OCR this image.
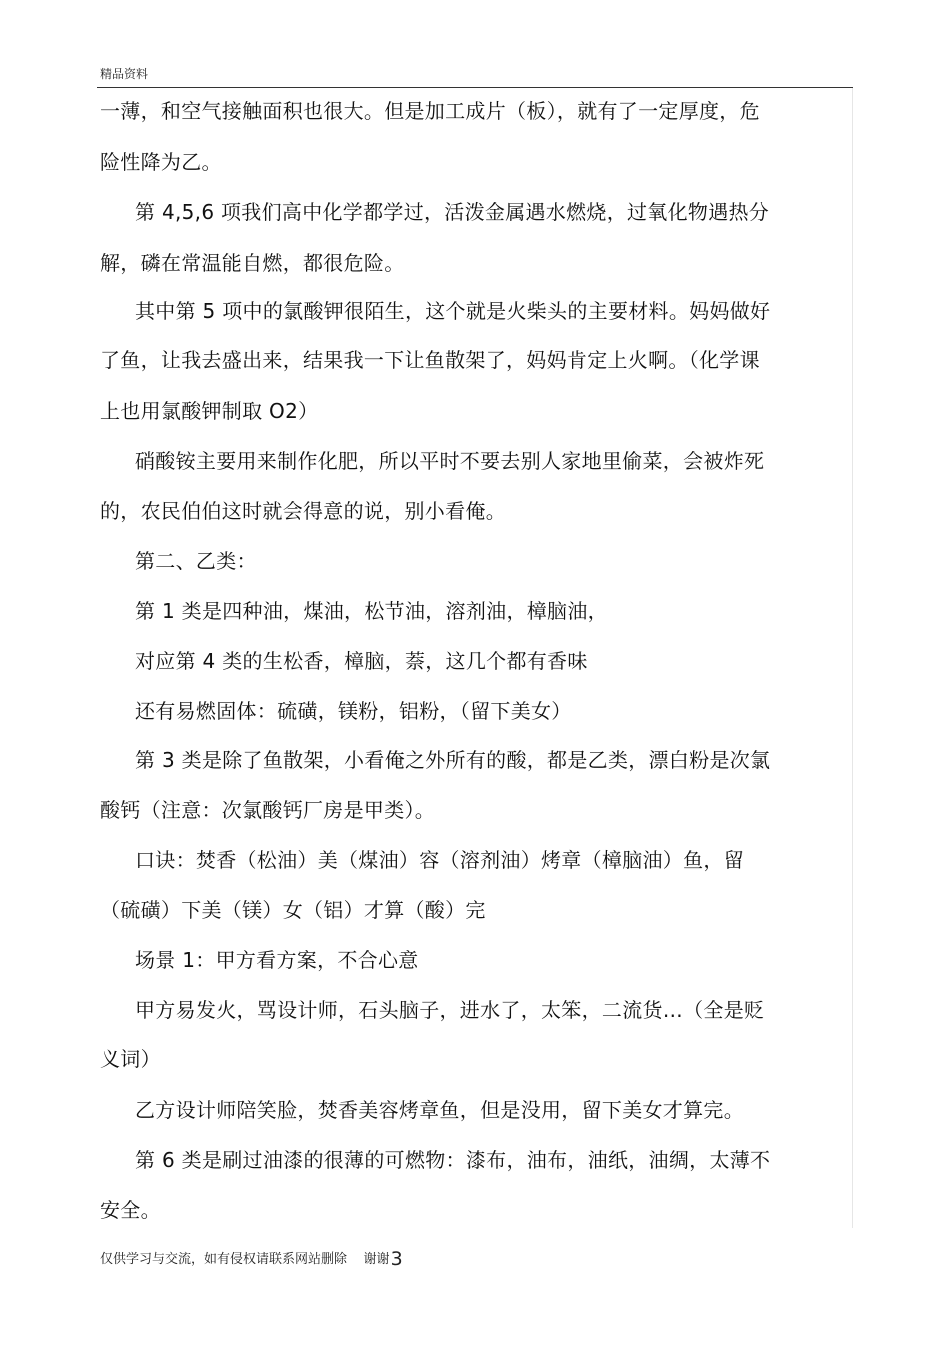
精品资料
一薄，和空气接触面积也很大。但是加工成片（板），就有了一定厚度，危
险性降为乙。
第 4,5,6 项我们高中化学都学过，活泼金属遇水燃烧，过氧化物遇热分
解，磷在常温能自燃，都很危险。
其中第 5 项中的氯酸钾很陌生，这个就是火柴头的主要材料。妈妈做好
了鱼，让我去盛出来，结果我一下让鱼散架了，妈妈肯定上火啊。（化学课
上也用氯酸钾制取 O2）
硝酸铵主要用来制作化肥，所以平时不要去别人家地里偷菜，会被炸死
的，农民伯伯这时就会得意的说，别小看俺。
第二、乙类：
第 1 类是四种油，煤油，松节油，溶剂油，樟脑油，
对应第 4 类的生松香，樟脑，萘，这几个都有香味
还有易燃固体：硫磺，镁粉，铝粉，（留下美女）
第 3 类是除了鱼散架，小看俺之外所有的酸，都是乙类，漂白粉是次氯
酸钙（注意：次氯酸钙厂房是甲类）。
口诀：焚香（松油）美（煤油）容（溶剂油）烤章（樟脑油）鱼，留
（硫磺）下美（镁）女（铝）才算（酸）完
场景 1：甲方看方案，不合心意
甲方易发火，骂设计师，石头脑子，进水了，太笨，二流货…（全是贬
义词）
乙方设计师陪笑脸，焚香美容烤章鱼，但是没用，留下美女才算完。
第 6 类是刷过油漆的很薄的可燃物：漆布，油布，油纸，油绸，太薄不
安全。
仅供学习与交流，如有侵权请联系网站删除 谢谢3
